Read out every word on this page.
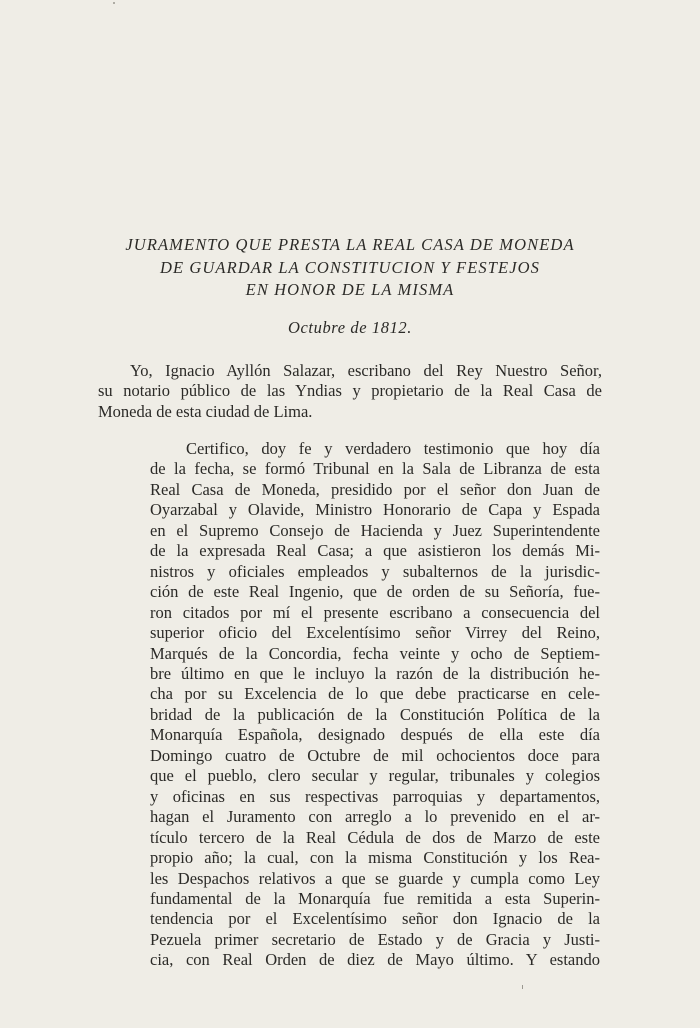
JURAMENTO QUE PRESTA LA REAL CASA DE MONEDA
DE GUARDAR LA CONSTITUCION Y FESTEJOS
EN HONOR DE LA MISMA
Octubre de 1812.
Yo, Ignacio Ayllón Salazar, escribano del Rey Nuestro Señor,
su notario público de las Yndias y propietario de la Real Casa de
Moneda de esta ciudad de Lima.
Certifico, doy fe y verdadero testimonio que hoy día
de la fecha, se formó Tribunal en la Sala de Libranza de esta
Real Casa de Moneda, presidido por el señor don Juan de
Oyarzabal y Olavide, Ministro Honorario de Capa y Espada
en el Supremo Consejo de Hacienda y Juez Superintendente
de la expresada Real Casa; a que asistieron los demás Mi-
nistros y oficiales empleados y subalternos de la jurisdic-
ción de este Real Ingenio, que de orden de su Señoría, fue-
ron citados por mí el presente escribano a consecuencia del
superior oficio del Excelentísimo señor Virrey del Reino,
Marqués de la Concordia, fecha veinte y ocho de Septiem-
bre último en que le incluyo la razón de la distribución he-
cha por su Excelencia de lo que debe practicarse en cele-
bridad de la publicación de la Constitución Política de la
Monarquía Española, designado después de ella este día
Domingo cuatro de Octubre de mil ochocientos doce para
que el pueblo, clero secular y regular, tribunales y colegios
y oficinas en sus respectivas parroquias y departamentos,
hagan el Juramento con arreglo a lo prevenido en el ar-
tículo tercero de la Real Cédula de dos de Marzo de este
propio año; la cual, con la misma Constitución y los Rea-
les Despachos relativos a que se guarde y cumpla como Ley
fundamental de la Monarquía fue remitida a esta Superin-
tendencia por el Excelentísimo señor don Ignacio de la
Pezuela primer secretario de Estado y de Gracia y Justi-
cia, con Real Orden de diez de Mayo último. Y estando
